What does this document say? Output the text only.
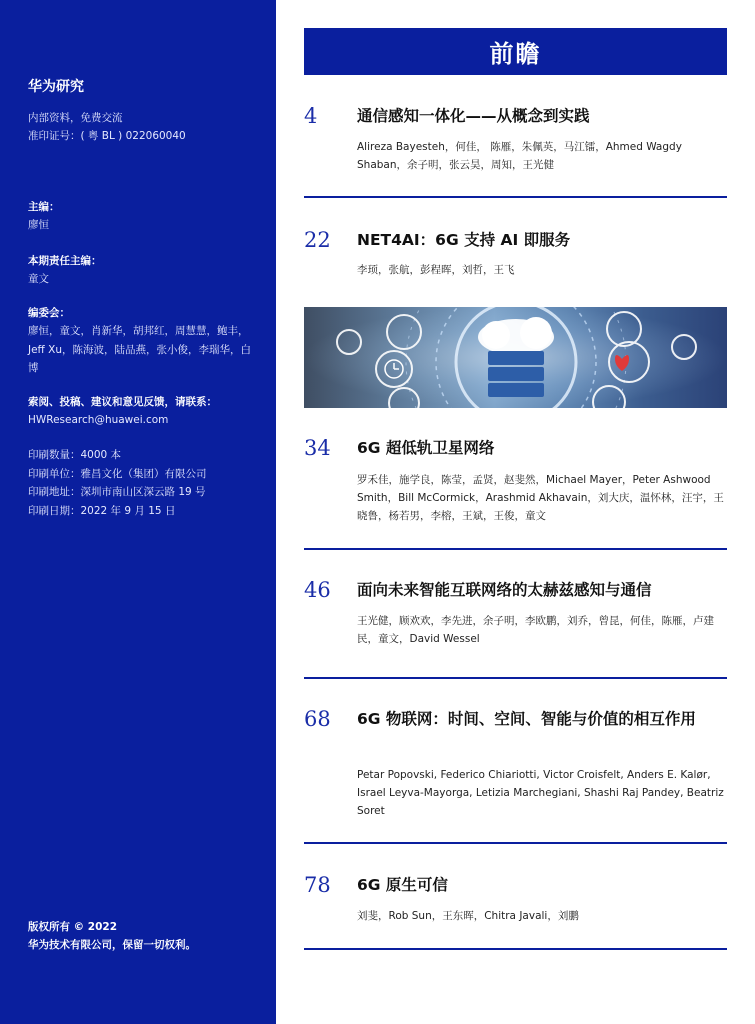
华为研究
内部资料，免费交流
准印证号：( 粤 BL ) 022060040
主编：
廖恒
本期责任主编：
童文
编委会：
廖恒，童文，肖新华，胡邦红，周慧慧，鲍丰，Jeff Xu，陈海波，陆品燕，张小俊，李瑞华，白博
索阅、投稿、建议和意见反馈，请联系：
HWResearch@huawei.com
印刷数量：4000 本
印刷单位：雅昌文化（集团）有限公司
印刷地址：深圳市南山区深云路 19 号
印刷日期：2022 年 9 月 15 日
版权所有 © 2022
华为技术有限公司，保留一切权利。
前瞻
4	通信感知一体化——从概念到实践
Alireza Bayesteh，何佳， 陈雁，朱佩英，马江镭，Ahmed Wagdy Shaban，余子明，张云昊，周知，王光健
22 NET4AI：6G 支持 AI 即服务
李顼，张航，彭程晖，刘哲，王飞
34 6G 超低轨卫星网络
罗禾佳，施学良，陈莹，孟贤，赵斐然，Michael Mayer，Peter Ashwood Smith，Bill McCormick，Arashmid Akhavain，刘大庆，温怀林，汪宇，王晓鲁，杨若男，李榕，王斌，王俊，童文
46 面向未来智能互联网络的太赫兹感知与通信
王光健，顾欢欢，李先进，余子明，李欧鹏，刘乔，曾昆，何佳，陈雁，卢建民，童文，David Wessel
68 6G 物联网：时间、空间、智能与价值的相互作用
Petar Popovski, Federico Chiariotti, Victor Croisfelt, Anders E. Kalør, Israel Leyva-Mayorga, Letizia Marchegiani, Shashi Raj Pandey, Beatriz Soret
78 6G 原生可信
刘斐，Rob Sun，王东晖，Chitra Javali，刘鹏
